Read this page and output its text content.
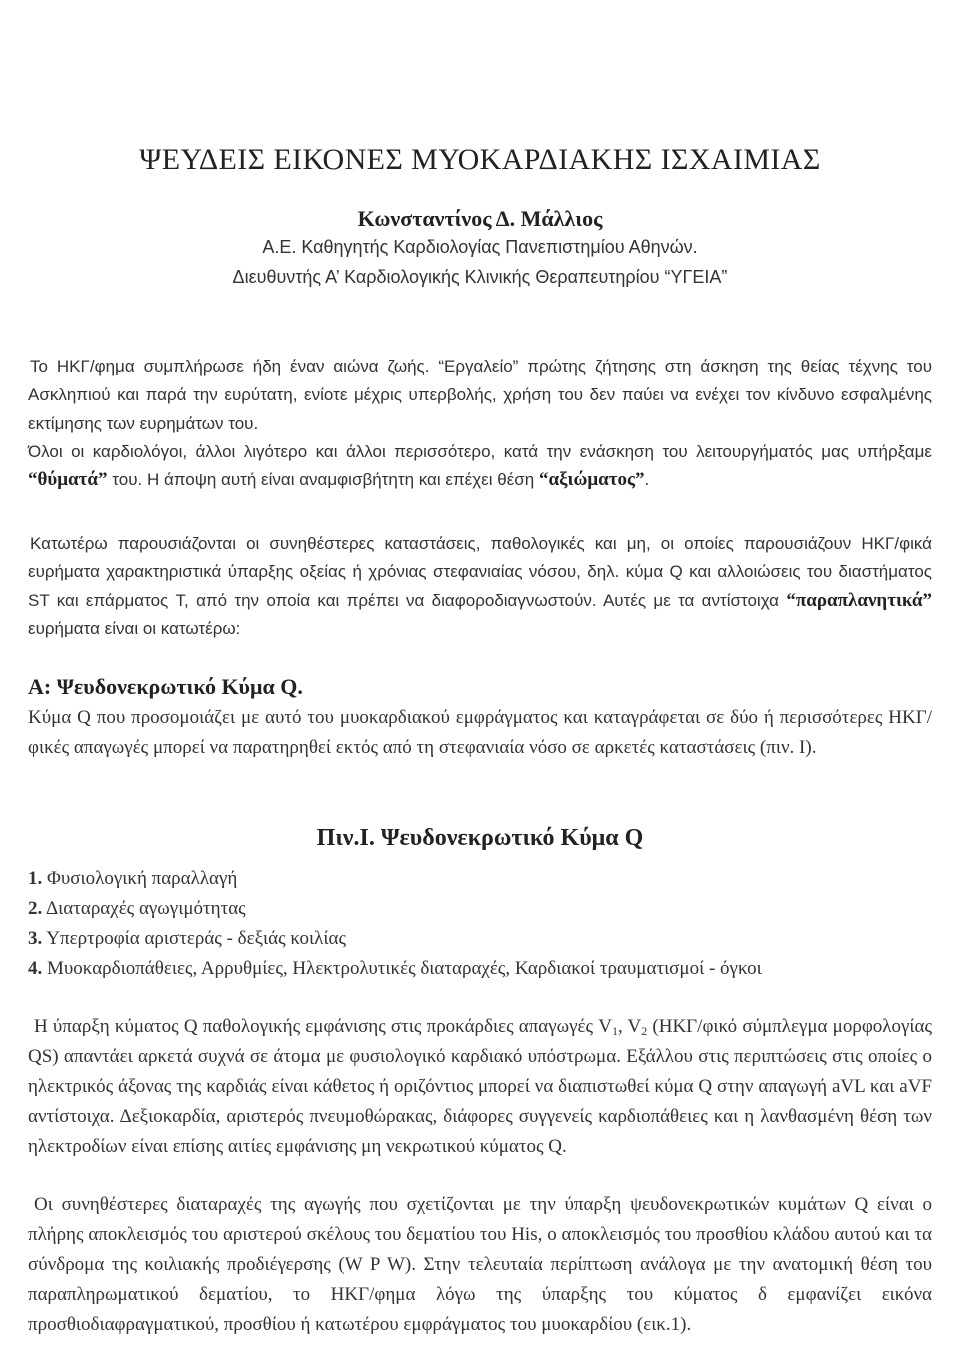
ΨΕΥΔΕΙΣ ΕΙΚΟΝΕΣ ΜΥΟΚΑΡΔΙΑΚΗΣ ΙΣΧΑΙΜΙΑΣ
Κωνσταντίνος Δ. Μάλλιος
Α.Ε. Καθηγητής Καρδιολογίας Πανεπιστημίου Αθηνών.
Διευθυντής Α’ Καρδιολογικής Κλινικής Θεραπευτηρίου “ΥΓΕΙΑ”
Το ΗΚΓ/φημα συμπλήρωσε ήδη έναν αιώνα ζωής. “Εργαλείο” πρώτης ζήτησης στη άσκηση της θείας τέχνης του Ασκληπιού και παρά την ευρύτατη, ενίοτε μέχρις υπερβολής, χρήση του δεν παύει να ενέχει τον κίνδυνο εσφαλμένης εκτίμησης των ευρημάτων του.
Όλοι οι καρδιολόγοι, άλλοι λιγότερο και άλλοι περισσότερο, κατά την ενάσκηση του λειτουργήματός μας υπήρξαμε “θύματά” του. Η άποψη αυτή είναι αναμφισβήτητη και επέχει θέση “αξιώματος”.
Κατωτέρω παρουσιάζονται οι συνηθέστερες καταστάσεις, παθολογικές και μη, οι οποίες παρουσιάζουν ΗΚΓ/φικά ευρήματα χαρακτηριστικά ύπαρξης οξείας ή χρόνιας στεφανιαίας νόσου, δηλ. κύμα Q και αλλοιώσεις του διαστήματος ST και επάρματος T, από την οποία και πρέπει να διαφοροδιαγνωστούν. Αυτές με τα αντίστοιχα “παραπλανητικά” ευρήματα είναι οι κατωτέρω:
Α: Ψευδονεκρωτικό Κύμα Q.
Κύμα Q που προσομοιάζει με αυτό του μυοκαρδιακού εμφράγματος και καταγράφεται σε δύο ή περισσότερες ΗΚΓ/φικές απαγωγές μπορεί να παρατηρηθεί εκτός από τη στεφανιαία νόσο σε αρκετές καταστάσεις (πιν. Ι).
Πιν.Ι. Ψευδονεκρωτικό Κύμα Q
1. Φυσιολογική παραλλαγή
2. Διαταραχές αγωγιμότητας
3. Υπερτροφία αριστεράς - δεξιάς κοιλίας
4. Μυοκαρδιοπάθειες, Αρρυθμίες, Ηλεκτρολυτικές διαταραχές, Καρδιακοί τραυματισμοί - όγκοι
Η ύπαρξη κύματος Q παθολογικής εμφάνισης στις προκάρδιες απαγωγές $V_1$, $V_2$ (ΗΚΓ/φικό σύμπλεγμα μορφολογίας QS) απαντάει αρκετά συχνά σε άτομα με φυσιολογικό καρδιακό υπόστρωμα. Εξάλλου στις περιπτώσεις στις οποίες ο ηλεκτρικός άξονας της καρδιάς είναι κάθετος ή οριζόντιος μπορεί να διαπιστωθεί κύμα Q στην απαγωγή aVL και aVF αντίστοιχα. Δεξιοκαρδία, αριστερός πνευμοθώρακας, διάφορες συγγενείς καρδιοπάθειες και η λανθασμένη θέση των ηλεκτροδίων είναι επίσης αιτίες εμφάνισης μη νεκρωτικού κύματος Q.
Οι συνηθέστερες διαταραχές της αγωγής που σχετίζονται με την ύπαρξη ψευδονεκρωτικών κυμάτων Q είναι ο πλήρης αποκλεισμός του αριστερού σκέλους του δεματίου του His, ο αποκλεισμός του προσθίου κλάδου αυτού και τα σύνδρομα της κοιλιακής προδιέγερσης (W P W). Στην τελευταία περίπτωση ανάλογα με την ανατομική θέση του παραπληρωματικού δεματίου, το ΗΚΓ/φημα λόγω της ύπαρξης του κύματος δ εμφανίζει εικόνα προσθιοδιαφραγματικού, προσθίου ή κατωτέρου εμφράγματος του μυοκαρδίου (εικ.1).
